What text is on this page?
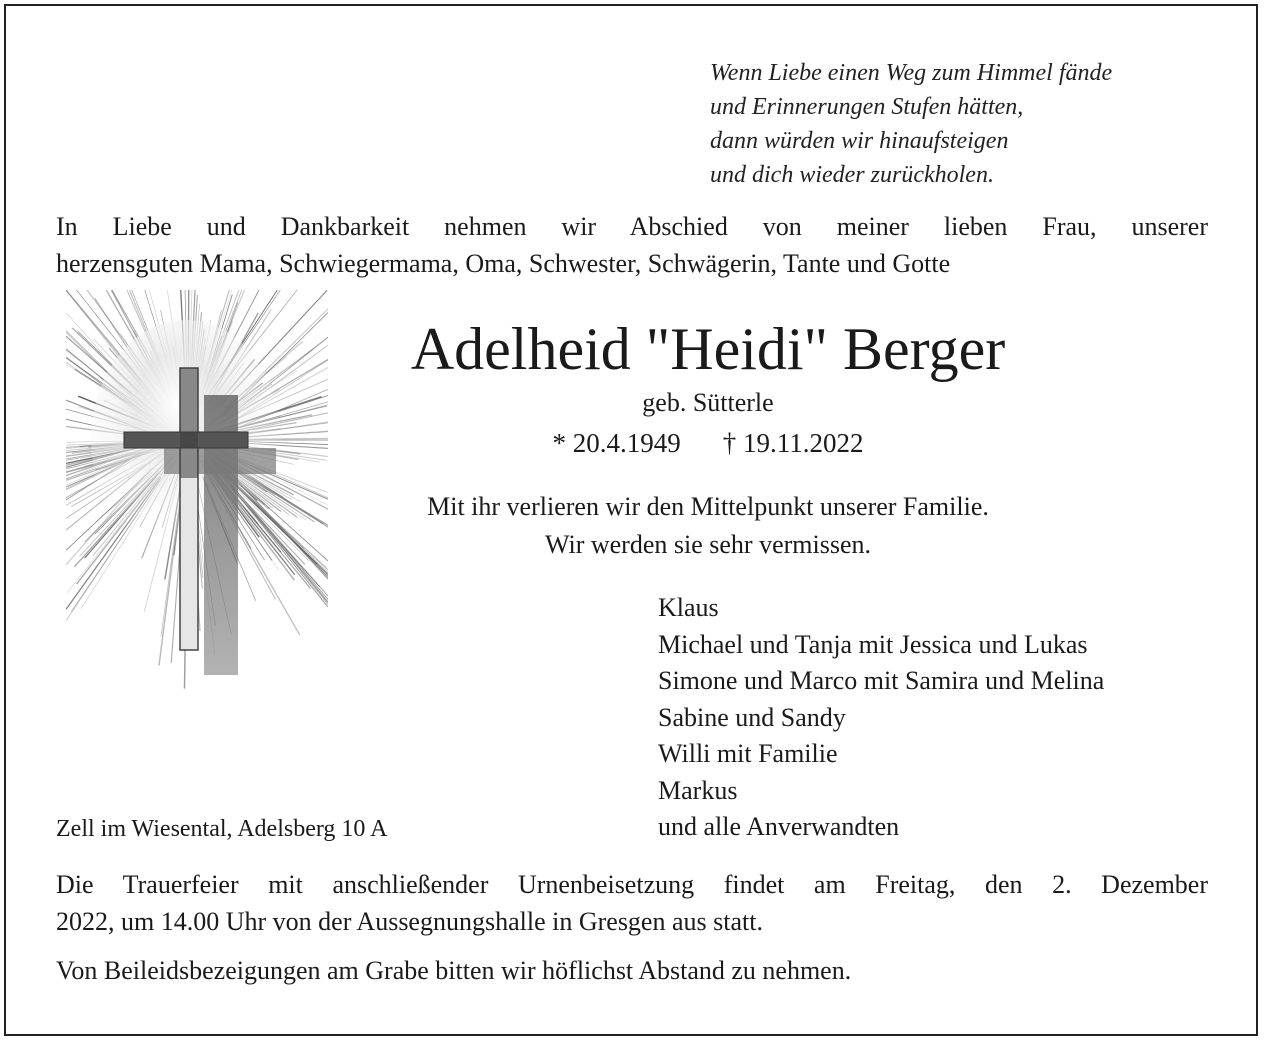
Wenn Liebe einen Weg zum Himmel fände
und Erinnerungen Stufen hätten,
dann würden wir hinaufsteigen
und dich wieder zurückholen.
In Liebe und Dankbarkeit nehmen wir Abschied von meiner lieben Frau, unserer
herzensguten Mama, Schwiegermama, Oma, Schwester, Schwägerin, Tante und Gotte
Adelheid "Heidi" Berger
geb. Sütterle
* 20.4.1949 † 19.11.2022
Mit ihr verlieren wir den Mittelpunkt unserer Familie.
Wir werden sie sehr vermissen.
Klaus
Michael und Tanja mit Jessica und Lukas
Simone und Marco mit Samira und Melina
Sabine und Sandy
Willi mit Familie
Markus
und alle Anverwandten
Zell im Wiesental, Adelsberg 10 A
Die Trauerfeier mit anschließender Urnenbeisetzung findet am Freitag, den 2. Dezember
2022, um 14.00 Uhr von der Aussegnungshalle in Gresgen aus statt.
Von Beileidsbezeigungen am Grabe bitten wir höflichst Abstand zu nehmen.
